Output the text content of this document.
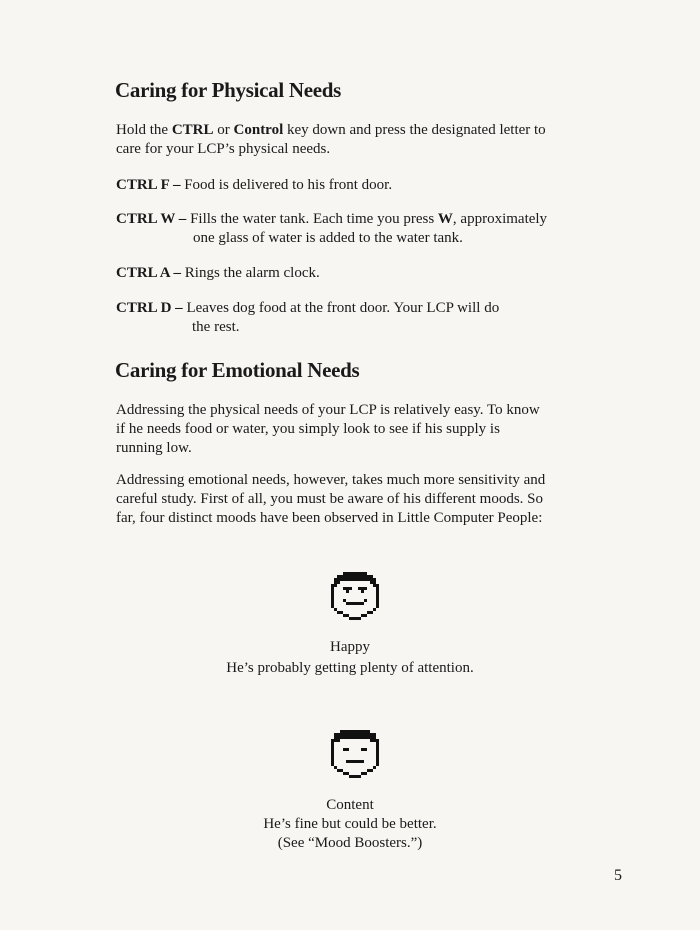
Caring for Physical Needs

Hold the CTRL or Control key down and press the designated letter to
care for your LCP’s physical needs.

CTRL F – Food is delivered to his front door.
CTRL W – Fills the water tank. Each time you press W, approximately
one glass of water is added to the water tank.
CTRL A – Rings the alarm clock.
CTRL D – Leaves dog food at the front door. Your LCP will do
the rest.
Caring for Emotional Needs

Addressing the physical needs of your LCP is relatively easy. To know
if he needs food or water, you simply look to see if his supply is
running low.

Addressing emotional needs, however, takes much more sensitivity and
careful study. First of all, you must be aware of his different moods. So
far, four distinct moods have been observed in Little Computer People:

Happy
He’s probably getting plenty of attention.
Content
He’s fine but could be better.
(See “Mood Boosters.”)
5
